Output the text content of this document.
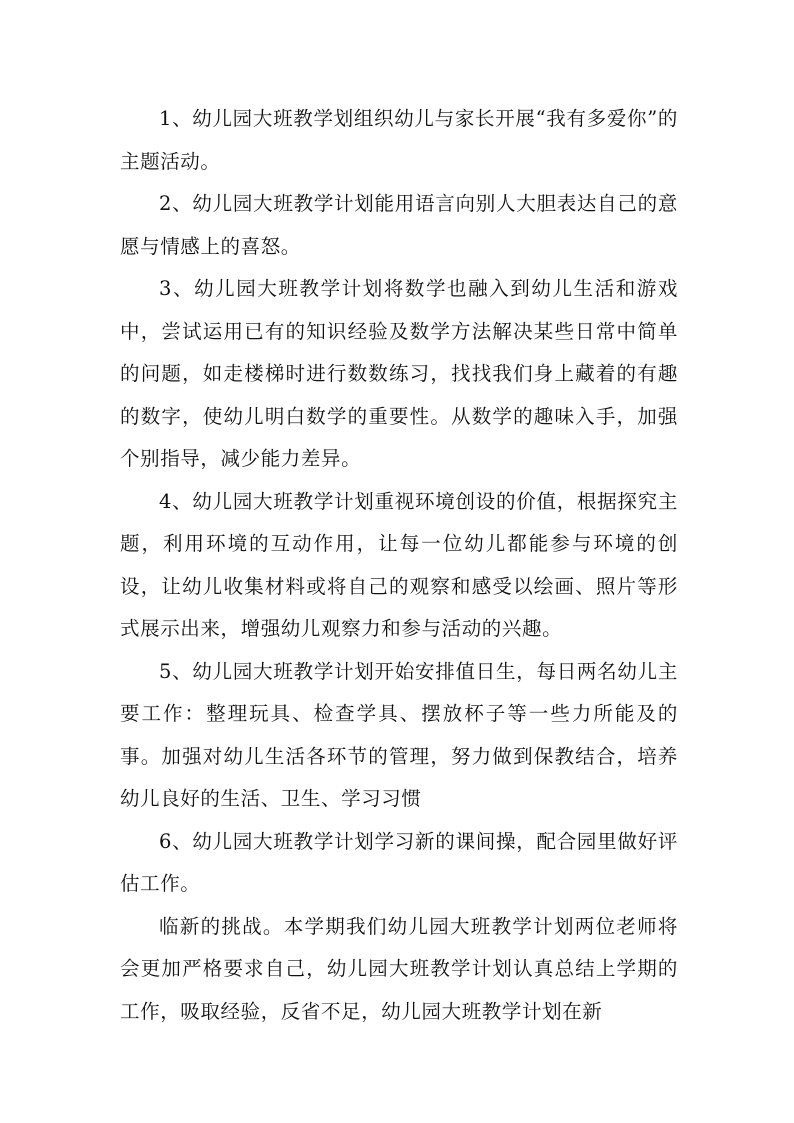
1、幼儿园大班教学划组织幼儿与家长开展“我有多爱你”的主题活动。

2、幼儿园大班教学计划能用语言向别人大胆表达自己的意愿与情感上的喜怒。

3、幼儿园大班教学计划将数学也融入到幼儿生活和游戏中，尝试运用已有的知识经验及数学方法解决某些日常中简单的问题，如走楼梯时进行数数练习，找找我们身上藏着的有趣的数字，使幼儿明白数学的重要性。从数学的趣味入手，加强个别指导，减少能力差异。

4、幼儿园大班教学计划重视环境创设的价值，根据探究主题，利用环境的互动作用，让每一位幼儿都能参与环境的创设，让幼儿收集材料或将自己的观察和感受以绘画、照片等形式展示出来，增强幼儿观察力和参与活动的兴趣。

5、幼儿园大班教学计划开始安排值日生，每日两名幼儿主要工作：整理玩具、检查学具、摆放杯子等一些力所能及的事。加强对幼儿生活各环节的管理，努力做到保教结合，培养幼儿良好的生活、卫生、学习习惯

6、幼儿园大班教学计划学习新的课间操，配合园里做好评估工作。

临新的挑战。本学期我们幼儿园大班教学计划两位老师将会更加严格要求自己，幼儿园大班教学计划认真总结上学期的工作，吸取经验，反省不足，幼儿园大班教学计划在新
